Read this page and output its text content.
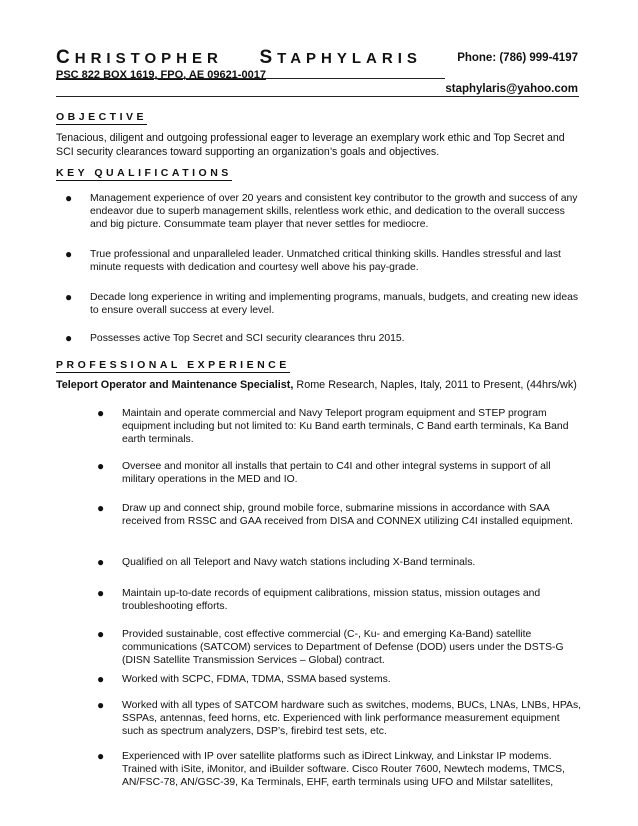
CHRISTOPHER STAPHYLARIS	Phone: (786) 999-4197
PSC 822 BOX 1619, FPO, AE 09621-0017
staphylaris@yahoo.com
OBJECTIVE
Tenacious, diligent and outgoing professional eager to leverage an exemplary work ethic and Top Secret and SCI security clearances toward supporting an organization’s goals and objectives.
KEY QUALIFICATIONS
● Management experience of over 20 years and consistent key contributor to the growth and success of any endeavor due to superb management skills, relentless work ethic, and dedication to the overall success and big picture. Consummate team player that never settles for mediocre.
● True professional and unparalleled leader. Unmatched critical thinking skills. Handles stressful and last minute requests with dedication and courtesy well above his pay-grade.
● Decade long experience in writing and implementing programs, manuals, budgets, and creating new ideas to ensure overall success at every level.
● Possesses active Top Secret and SCI security clearances thru 2015.
PROFESSIONAL EXPERIENCE
Teleport Operator and Maintenance Specialist, Rome Research, Naples, Italy, 2011 to Present, (44hrs/wk)
● Maintain and operate commercial and Navy Teleport program equipment and STEP program equipment including but not limited to: Ku Band earth terminals, C Band earth terminals, Ka Band earth terminals.
● Oversee and monitor all installs that pertain to C4I and other integral systems in support of all military operations in the MED and IO.
● Draw up and connect ship, ground mobile force, submarine missions in accordance with SAA received from RSSC and GAA received from DISA and CONNEX utilizing C4I installed equipment.
● Qualified on all Teleport and Navy watch stations including X-Band terminals.
● Maintain up-to-date records of equipment calibrations, mission status, mission outages and troubleshooting efforts.
● Provided sustainable, cost effective commercial (C-, Ku- and emerging Ka-Band) satellite communications (SATCOM) services to Department of Defense (DOD) users under the DSTS-G (DISN Satellite Transmission Services – Global) contract.
● Worked with SCPC, FDMA, TDMA, SSMA based systems.
● Worked with all types of SATCOM hardware such as switches, modems, BUCs, LNAs, LNBs, HPAs, SSPAs, antennas, feed horns, etc. Experienced with link performance measurement equipment such as spectrum analyzers, DSP’s, firebird test sets, etc.
● Experienced with IP over satellite platforms such as iDirect Linkway, and Linkstar IP modems. Trained with iSite, iMonitor, and iBuilder software. Cisco Router 7600, Newtech modems, TMCS, AN/FSC-78, AN/GSC-39, Ka Terminals, EHF, earth terminals using UFO and Milstar satellites,
